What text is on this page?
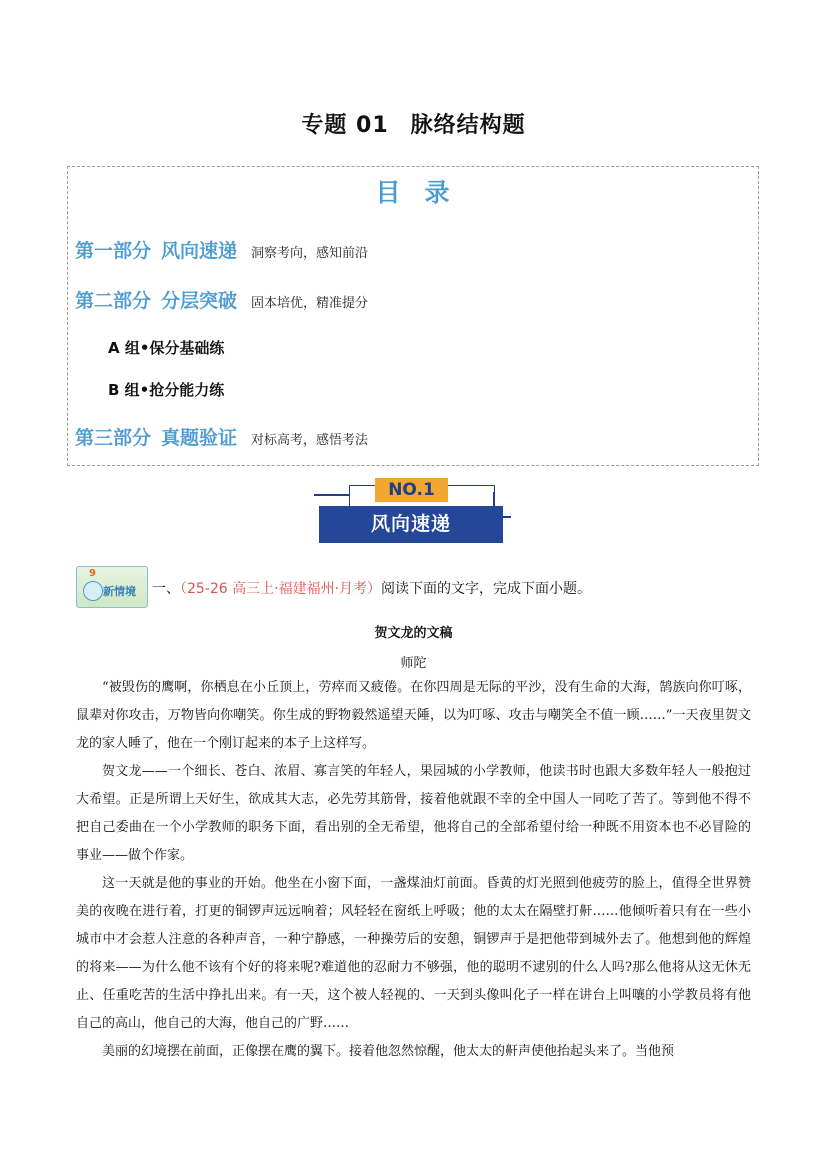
专题 01 脉络结构题
目 录
第一部分 风向速递 洞察考向，感知前沿
第二部分 分层突破 固本培优，精准提分
A 组•保分基础练
B 组•抢分能力练
第三部分 真题验证 对标高考，感悟考法
NO.1
风向速递
9
新情境 一、（25-26 高三上·福建福州·月考）阅读下面的文字，完成下面小题。
贺文龙的文稿
师陀

“被毁伤的鹰啊，你栖息在小丘顶上，劳瘁而又疲倦。在你四周是无际的平沙，没有生命的大海，鹄族向你叮啄，鼠辈对你攻击，万物皆向你嘲笑。你生成的野物毅然遥望天陲，以为叮啄、攻击与嘲笑全不值一顾……”一天夜里贺文龙的家人睡了，他在一个刚订起来的本子上这样写。

贺文龙——一个细长、苍白、浓眉、寡言笑的年轻人，果园城的小学教师，他读书时也跟大多数年轻人一般抱过大希望。正是所谓上天好生，欲成其大志，必先劳其筋骨，接着他就跟不幸的全中国人一同吃了苦了。等到他不得不把自己委曲在一个小学教师的职务下面，看出别的全无希望，他将自己的全部希望付给一种既不用资本也不必冒险的事业——做个作家。

这一天就是他的事业的开始。他坐在小窗下面，一盏煤油灯前面。昏黄的灯光照到他疲劳的脸上，值得全世界赞美的夜晚在进行着，打更的铜锣声远远响着；风轻轻在窗纸上呼吸；他的太太在隔壁打鼾……他倾听着只有在一些小城市中才会惹人注意的各种声音，一种宁静感，一种操劳后的安憩，铜锣声于是把他带到城外去了。他想到他的辉煌的将来——为什么他不该有个好的将来呢?难道他的忍耐力不够强，他的聪明不逮别的什么人吗?那么他将从这无休无止、任重吃苦的生活中挣扎出来。有一天，这个被人轻视的、一天到头像叫化子一样在讲台上叫嚷的小学教员将有他自己的高山，他自己的大海，他自己的广野……

美丽的幻境摆在前面，正像摆在鹰的翼下。接着他忽然惊醒，他太太的鼾声使他抬起头来了。当他预
